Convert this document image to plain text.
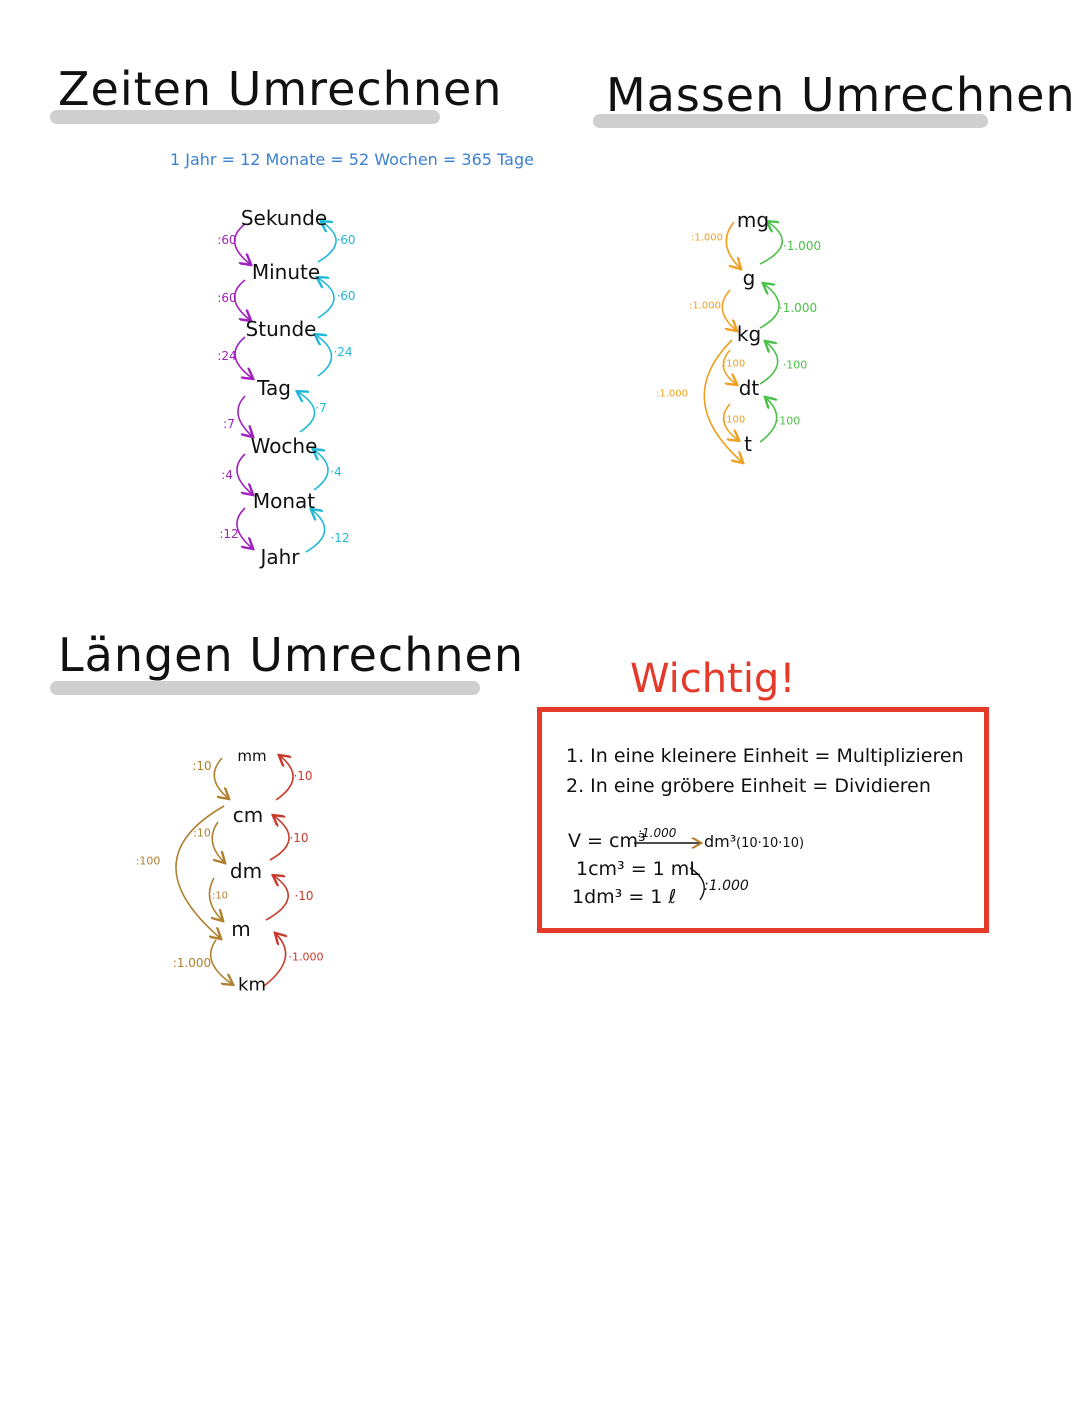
Zeiten Umrechnen
1 Jahr = 12 Monate = 52 Wochen = 365 Tage
Sekunde
Minute
Stunde
Tag
Woche
Monat
Jahr
:60
:60
:24
:7
:4
:12
·60
·60
·24
·7
·4
·12
Massen Umrechnen
mg
g
kg
dt
t
:1.000
:1.000
:100
:100
:1.000
·1.000
·1.000
·100
·100
Längen Umrechnen
mm
cm
dm
m
km
:10
:10
:10
:1.000
:100
·10
·10
·10
·1.000
Wichtig!
1. In eine kleinere Einheit = Multiplizieren
2. In eine gröbere Einheit = Dividieren
V = cm³
:1.000 dm³ (10·10·10)
1cm³ = 1 mL
1dm³ = 1 ℓ :1.000
